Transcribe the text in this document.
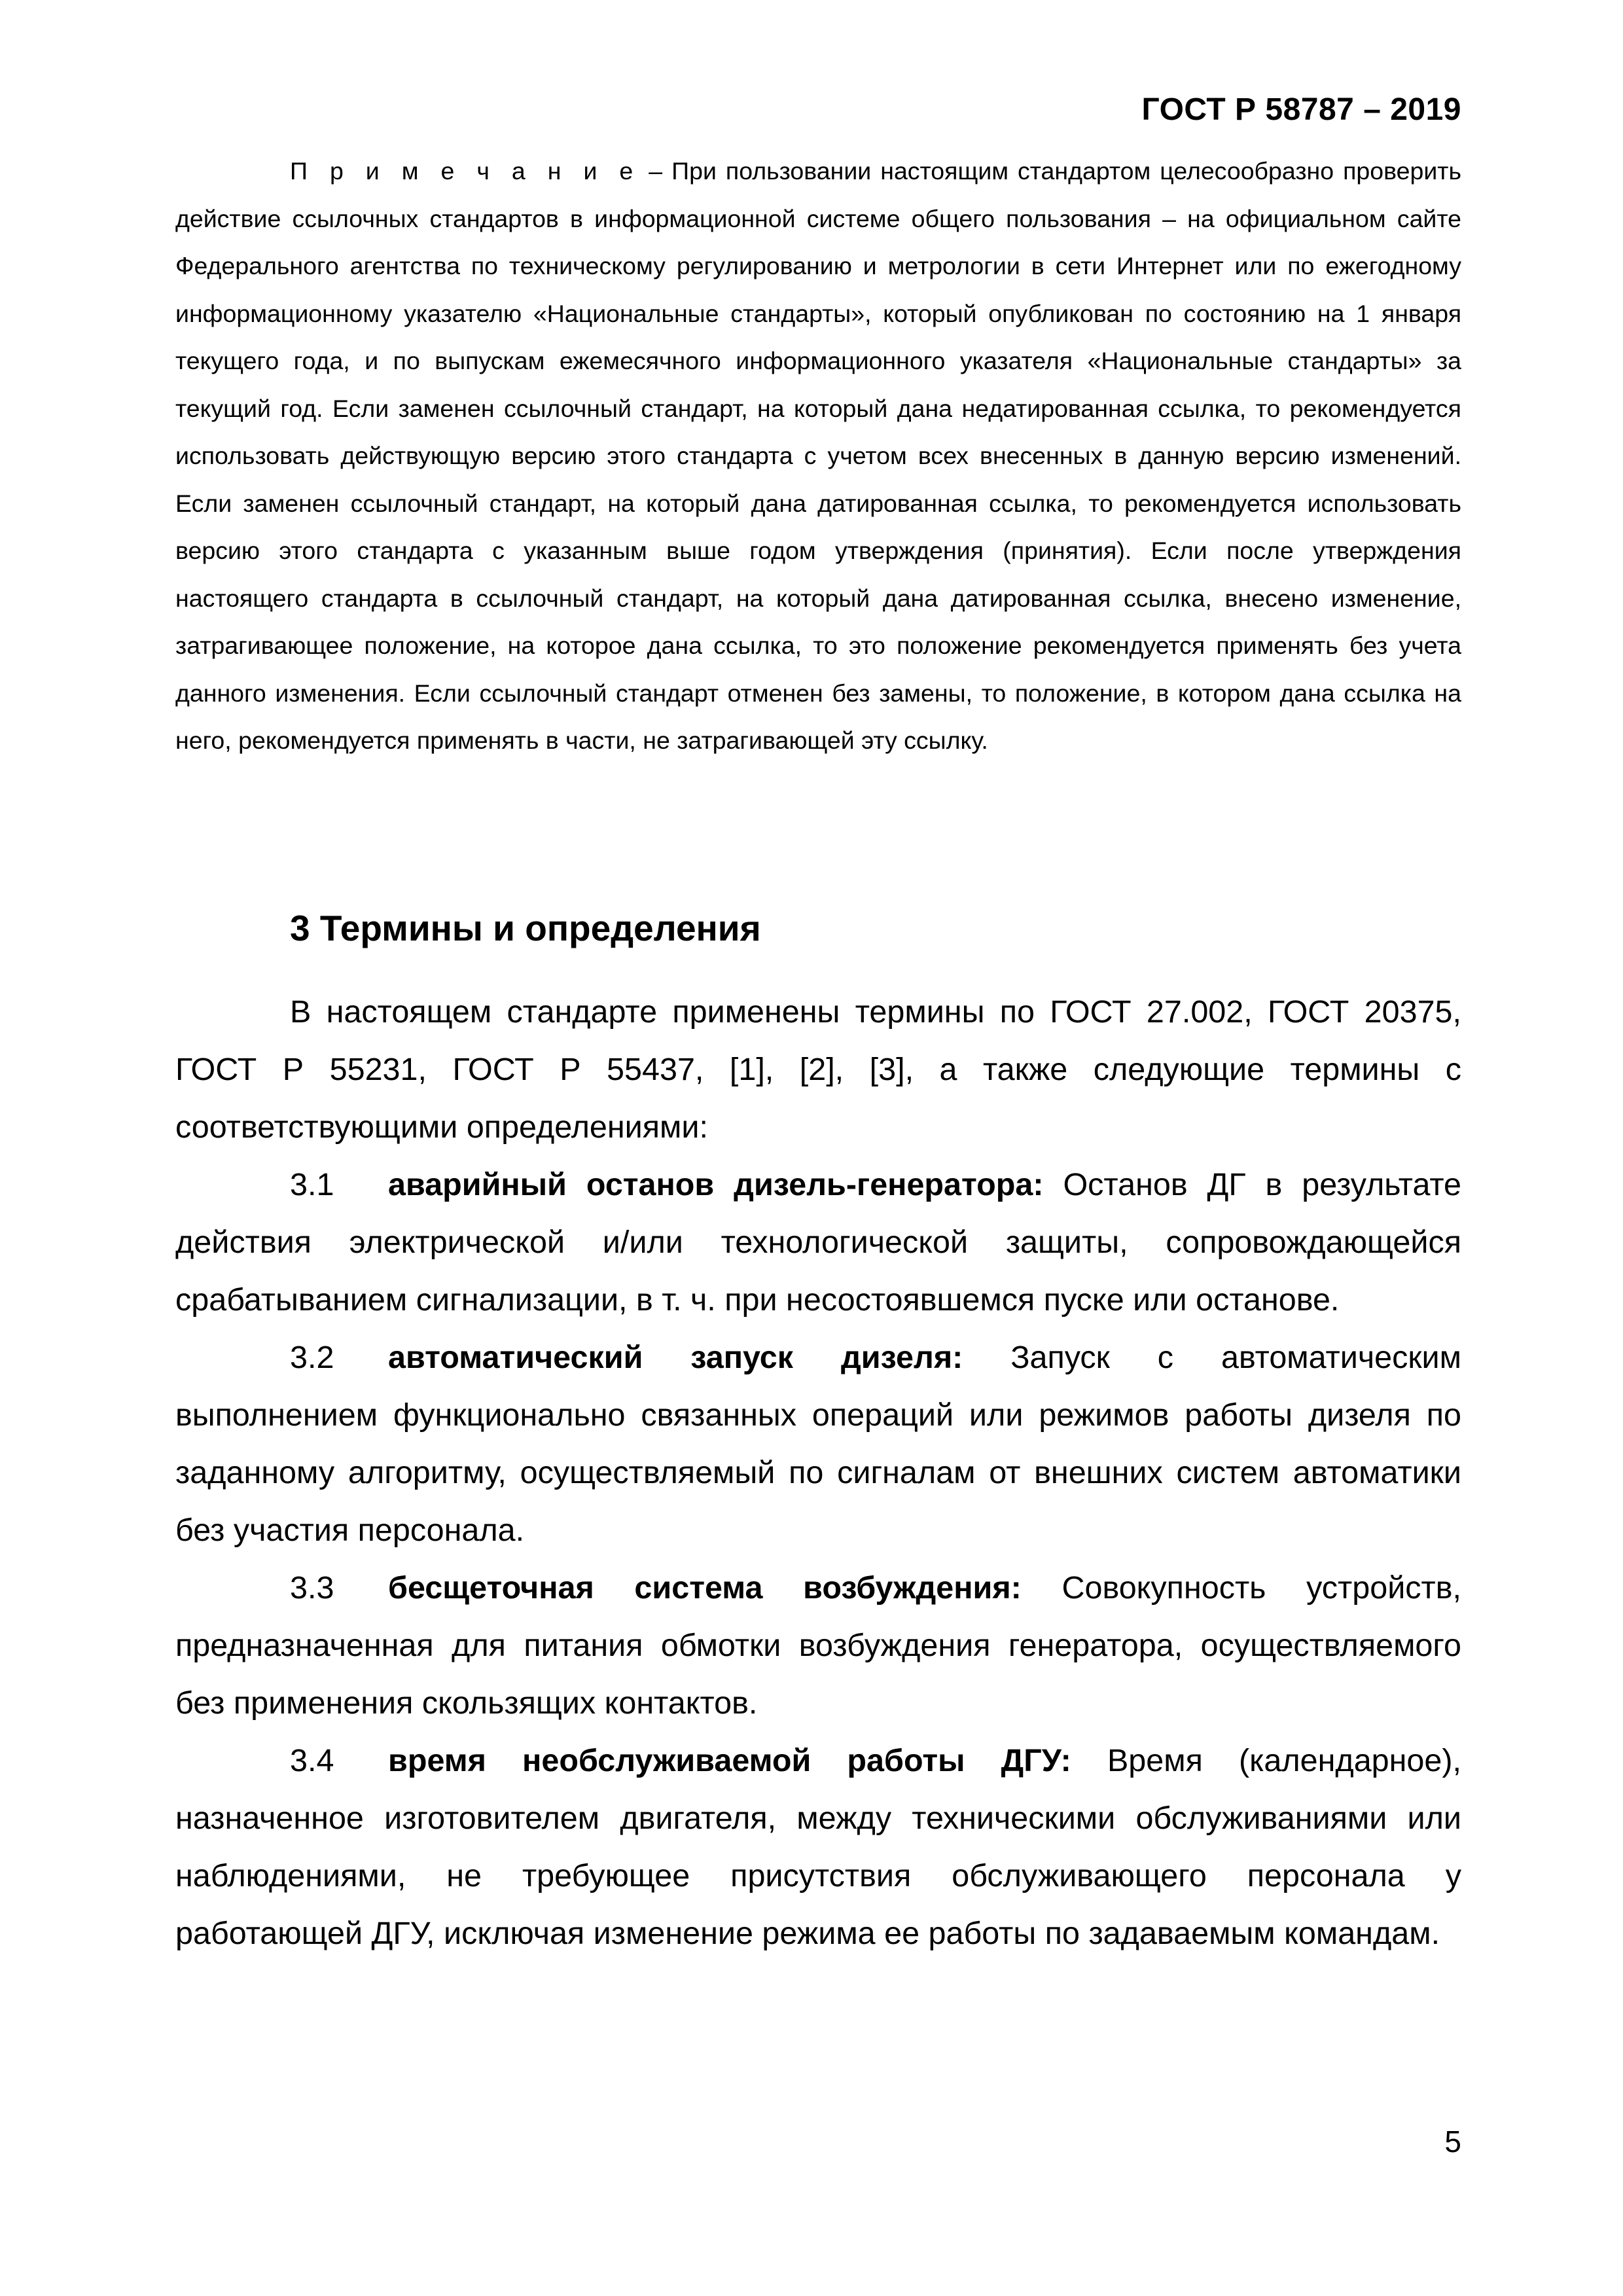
ГОСТ Р 58787 – 2019
П р и м е ч а н и е – При пользовании настоящим стандартом целесообразно проверить действие ссылочных стандартов в информационной системе общего пользования – на официальном сайте Федерального агентства по техническому регулированию и метрологии в сети Интернет или по ежегодному информационному указателю «Национальные стандарты», который опубликован по состоянию на 1 января текущего года, и по выпускам ежемесячного информационного указателя «Национальные стандарты» за текущий год. Если заменен ссылочный стандарт, на который дана недатированная ссылка, то рекомендуется использовать действующую версию этого стандарта с учетом всех внесенных в данную версию изменений. Если заменен ссылочный стандарт, на который дана датированная ссылка, то рекомендуется использовать версию этого стандарта с указанным выше годом утверждения (принятия). Если после утверждения настоящего стандарта в ссылочный стандарт, на который дана датированная ссылка, внесено изменение, затрагивающее положение, на которое дана ссылка, то это положение рекомендуется применять без учета данного изменения. Если ссылочный стандарт отменен без замены, то положение, в котором дана ссылка на него, рекомендуется применять в части, не затрагивающей эту ссылку.
3 Термины и определения

В настоящем стандарте применены термины по ГОСТ 27.002, ГОСТ 20375, ГОСТ Р 55231, ГОСТ Р 55437, [1], [2], [3], а также следующие термины с соответствующими определениями:

3.1 аварийный останов дизель-генератора: Останов ДГ в результате действия электрической и/или технологической защиты, сопровождающейся срабатыванием сигнализации, в т. ч. при несостоявшемся пуске или останове.

3.2 автоматический запуск дизеля: Запуск с автоматическим выполнением функционально связанных операций или режимов работы дизеля по заданному алгоритму, осуществляемый по сигналам от внешних систем автоматики без участия персонала.

3.3 бесщеточная система возбуждения: Совокупность устройств, предназначенная для питания обмотки возбуждения генератора, осуществляемого без применения скользящих контактов.

3.4 время необслуживаемой работы ДГУ: Время (календарное), назначенное изготовителем двигателя, между техническими обслуживаниями или наблюдениями, не требующее присутствия обслуживающего персонала у работающей ДГУ, исключая изменение режима ее работы по задаваемым командам.

5
